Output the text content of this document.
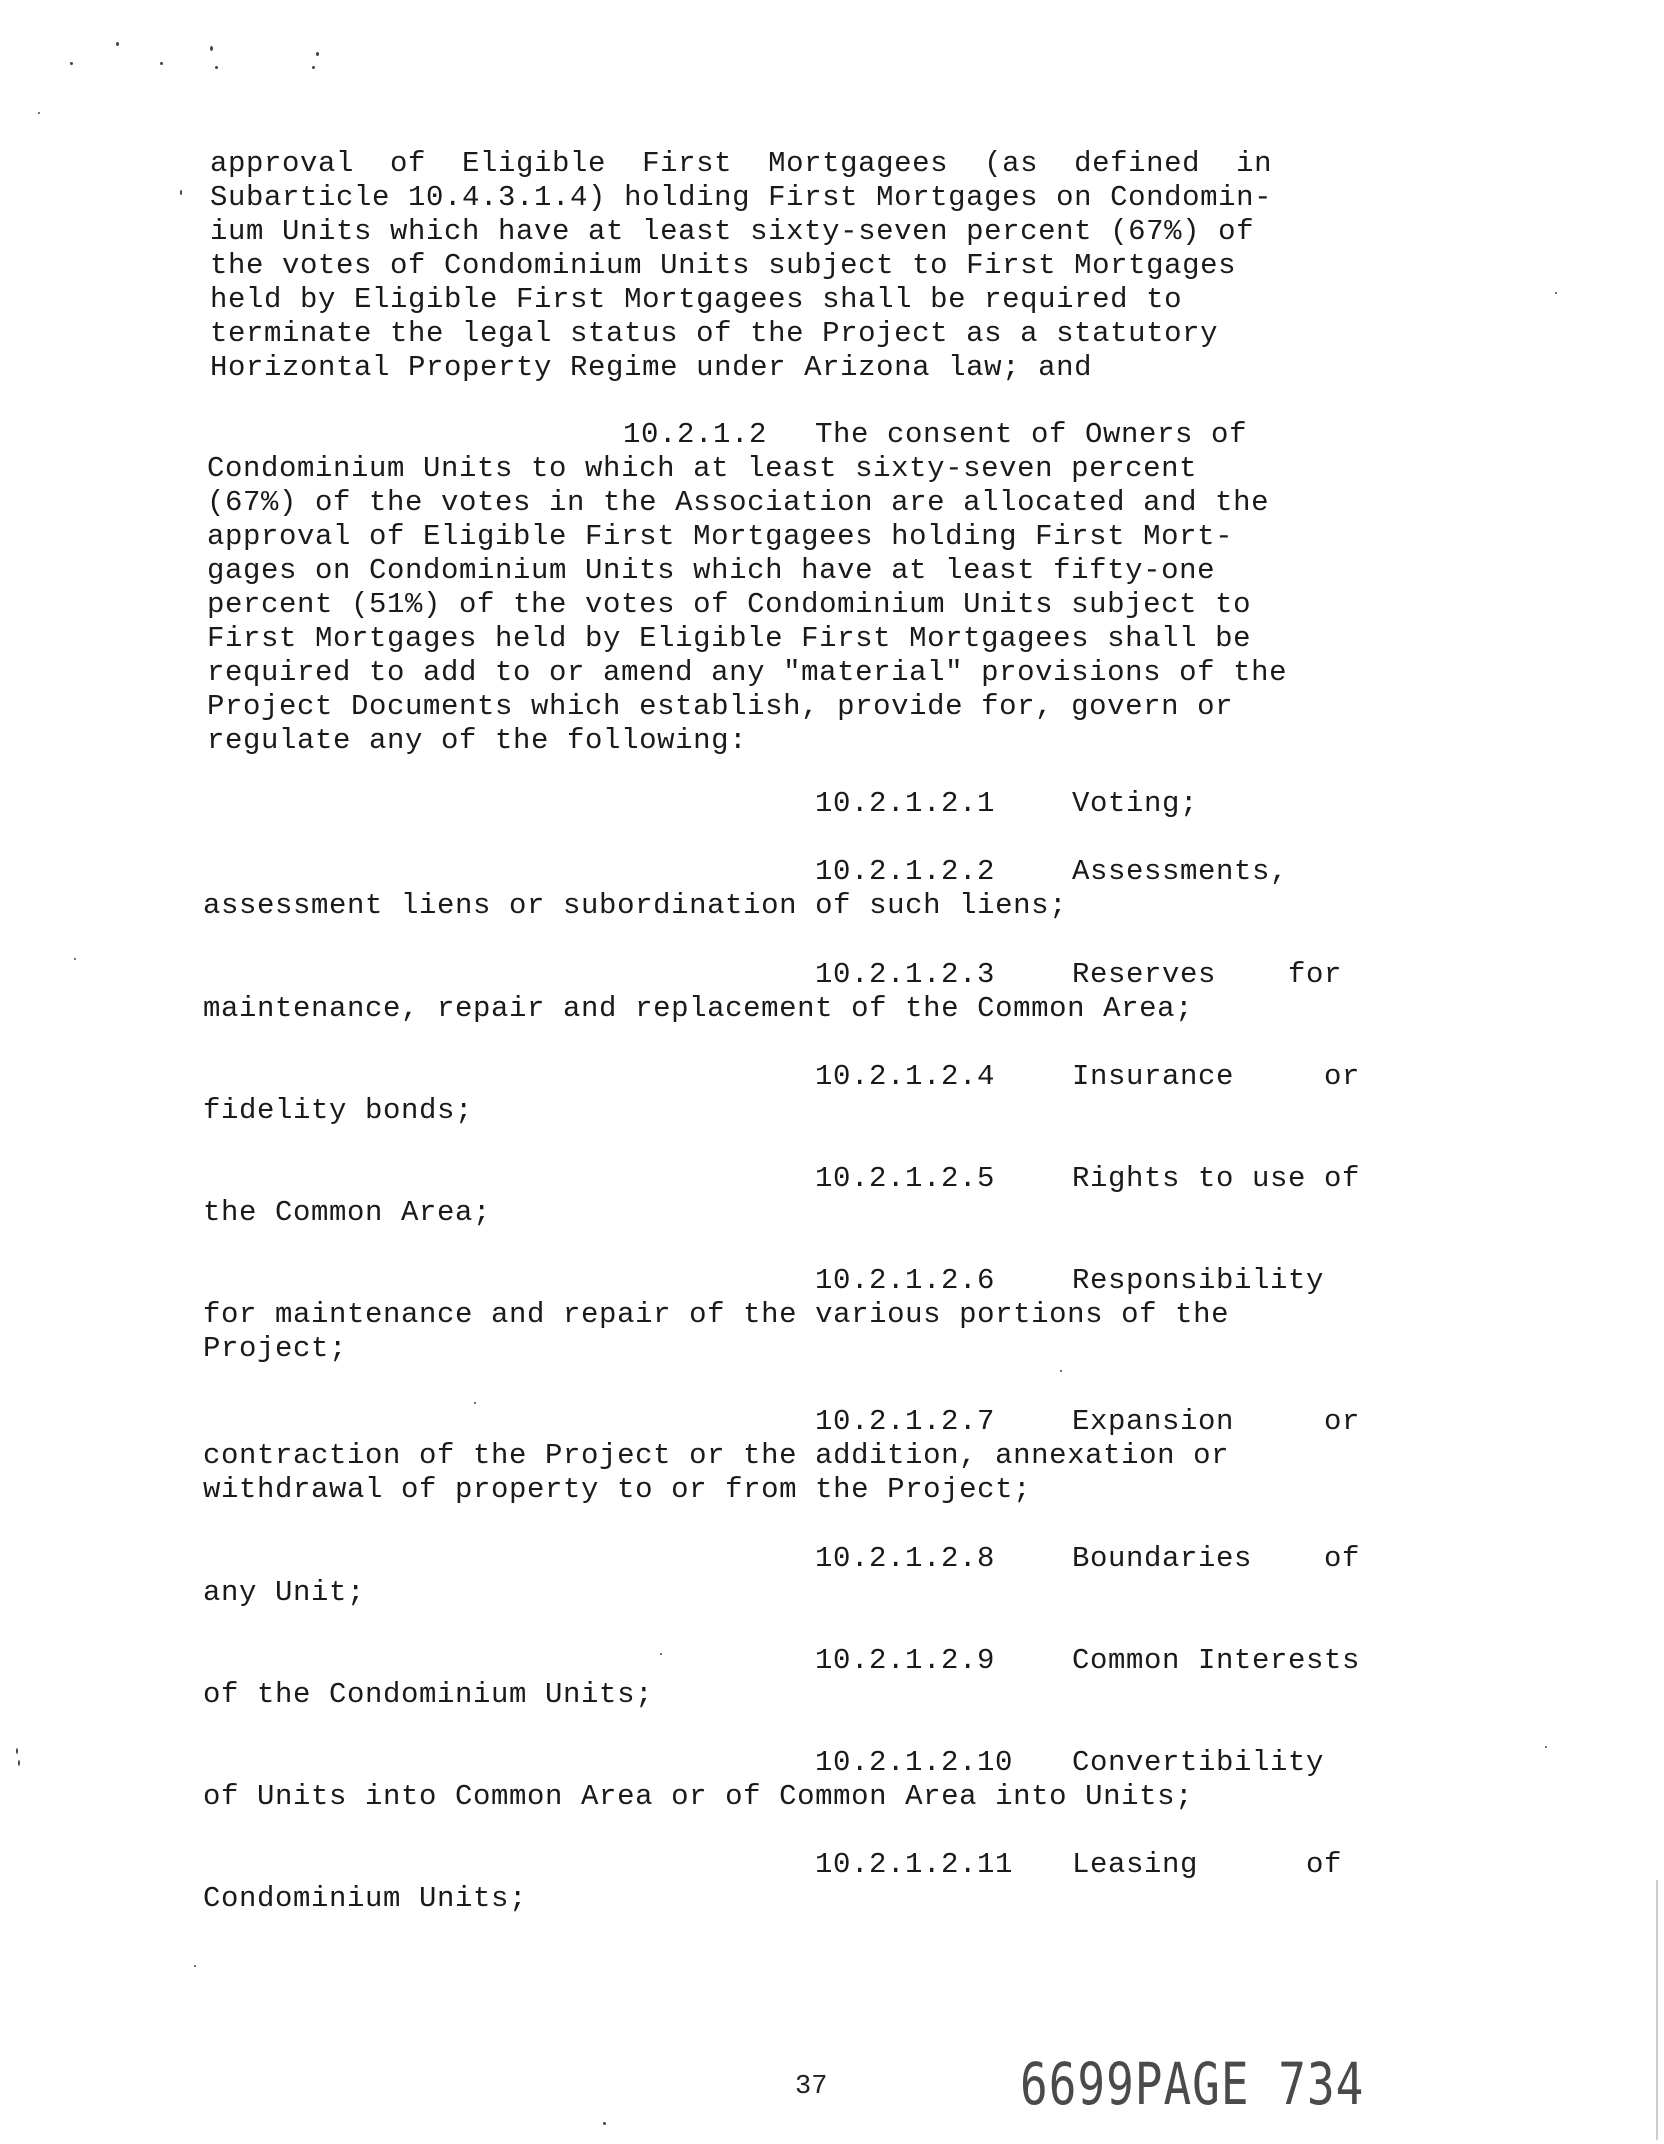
approval  of  Eligible  First  Mortgagees  (as  defined  in
Subarticle 10.4.3.1.4) holding First Mortgages on Condomin-
ium Units which have at least sixty-seven percent (67%) of
the votes of Condominium Units subject to First Mortgages
held by Eligible First Mortgagees shall be required to
terminate the legal status of the Project as a statutory
Horizontal Property Regime under Arizona law; and
10.2.1.2 The consent of Owners of
Condominium Units to which at least sixty-seven percent
(67%) of the votes in the Association are allocated and the
approval of Eligible First Mortgagees holding First Mort-
gages on Condominium Units which have at least fifty-one
percent (51%) of the votes of Condominium Units subject to
First Mortgages held by Eligible First Mortgagees shall be
required to add to or amend any "material" provisions of the
Project Documents which establish, provide for, govern or
regulate any of the following:
10.2.1.2.1	Voting;
10.2.1.2.2	Assessments,
assessment liens or subordination of such liens;
10.2.1.2.3	Reserves    for
maintenance, repair and replacement of the Common Area;
10.2.1.2.4	Insurance     or
fidelity bonds;
10.2.1.2.5	Rights to use of
the Common Area;
10.2.1.2.6	Responsibility
for maintenance and repair of the various portions of the
Project;
10.2.1.2.7	Expansion     or
contraction of the Project or the addition, annexation or
withdrawal of property to or from the Project;
10.2.1.2.8	Boundaries    of
any Unit;
10.2.1.2.9	Common Interests
of the Condominium Units;
10.2.1.2.10 Convertibility
of Units into Common Area or of Common Area into Units;
10.2.1.2.11 Leasing      of
Condominium Units;
37	6699PAGE 734
